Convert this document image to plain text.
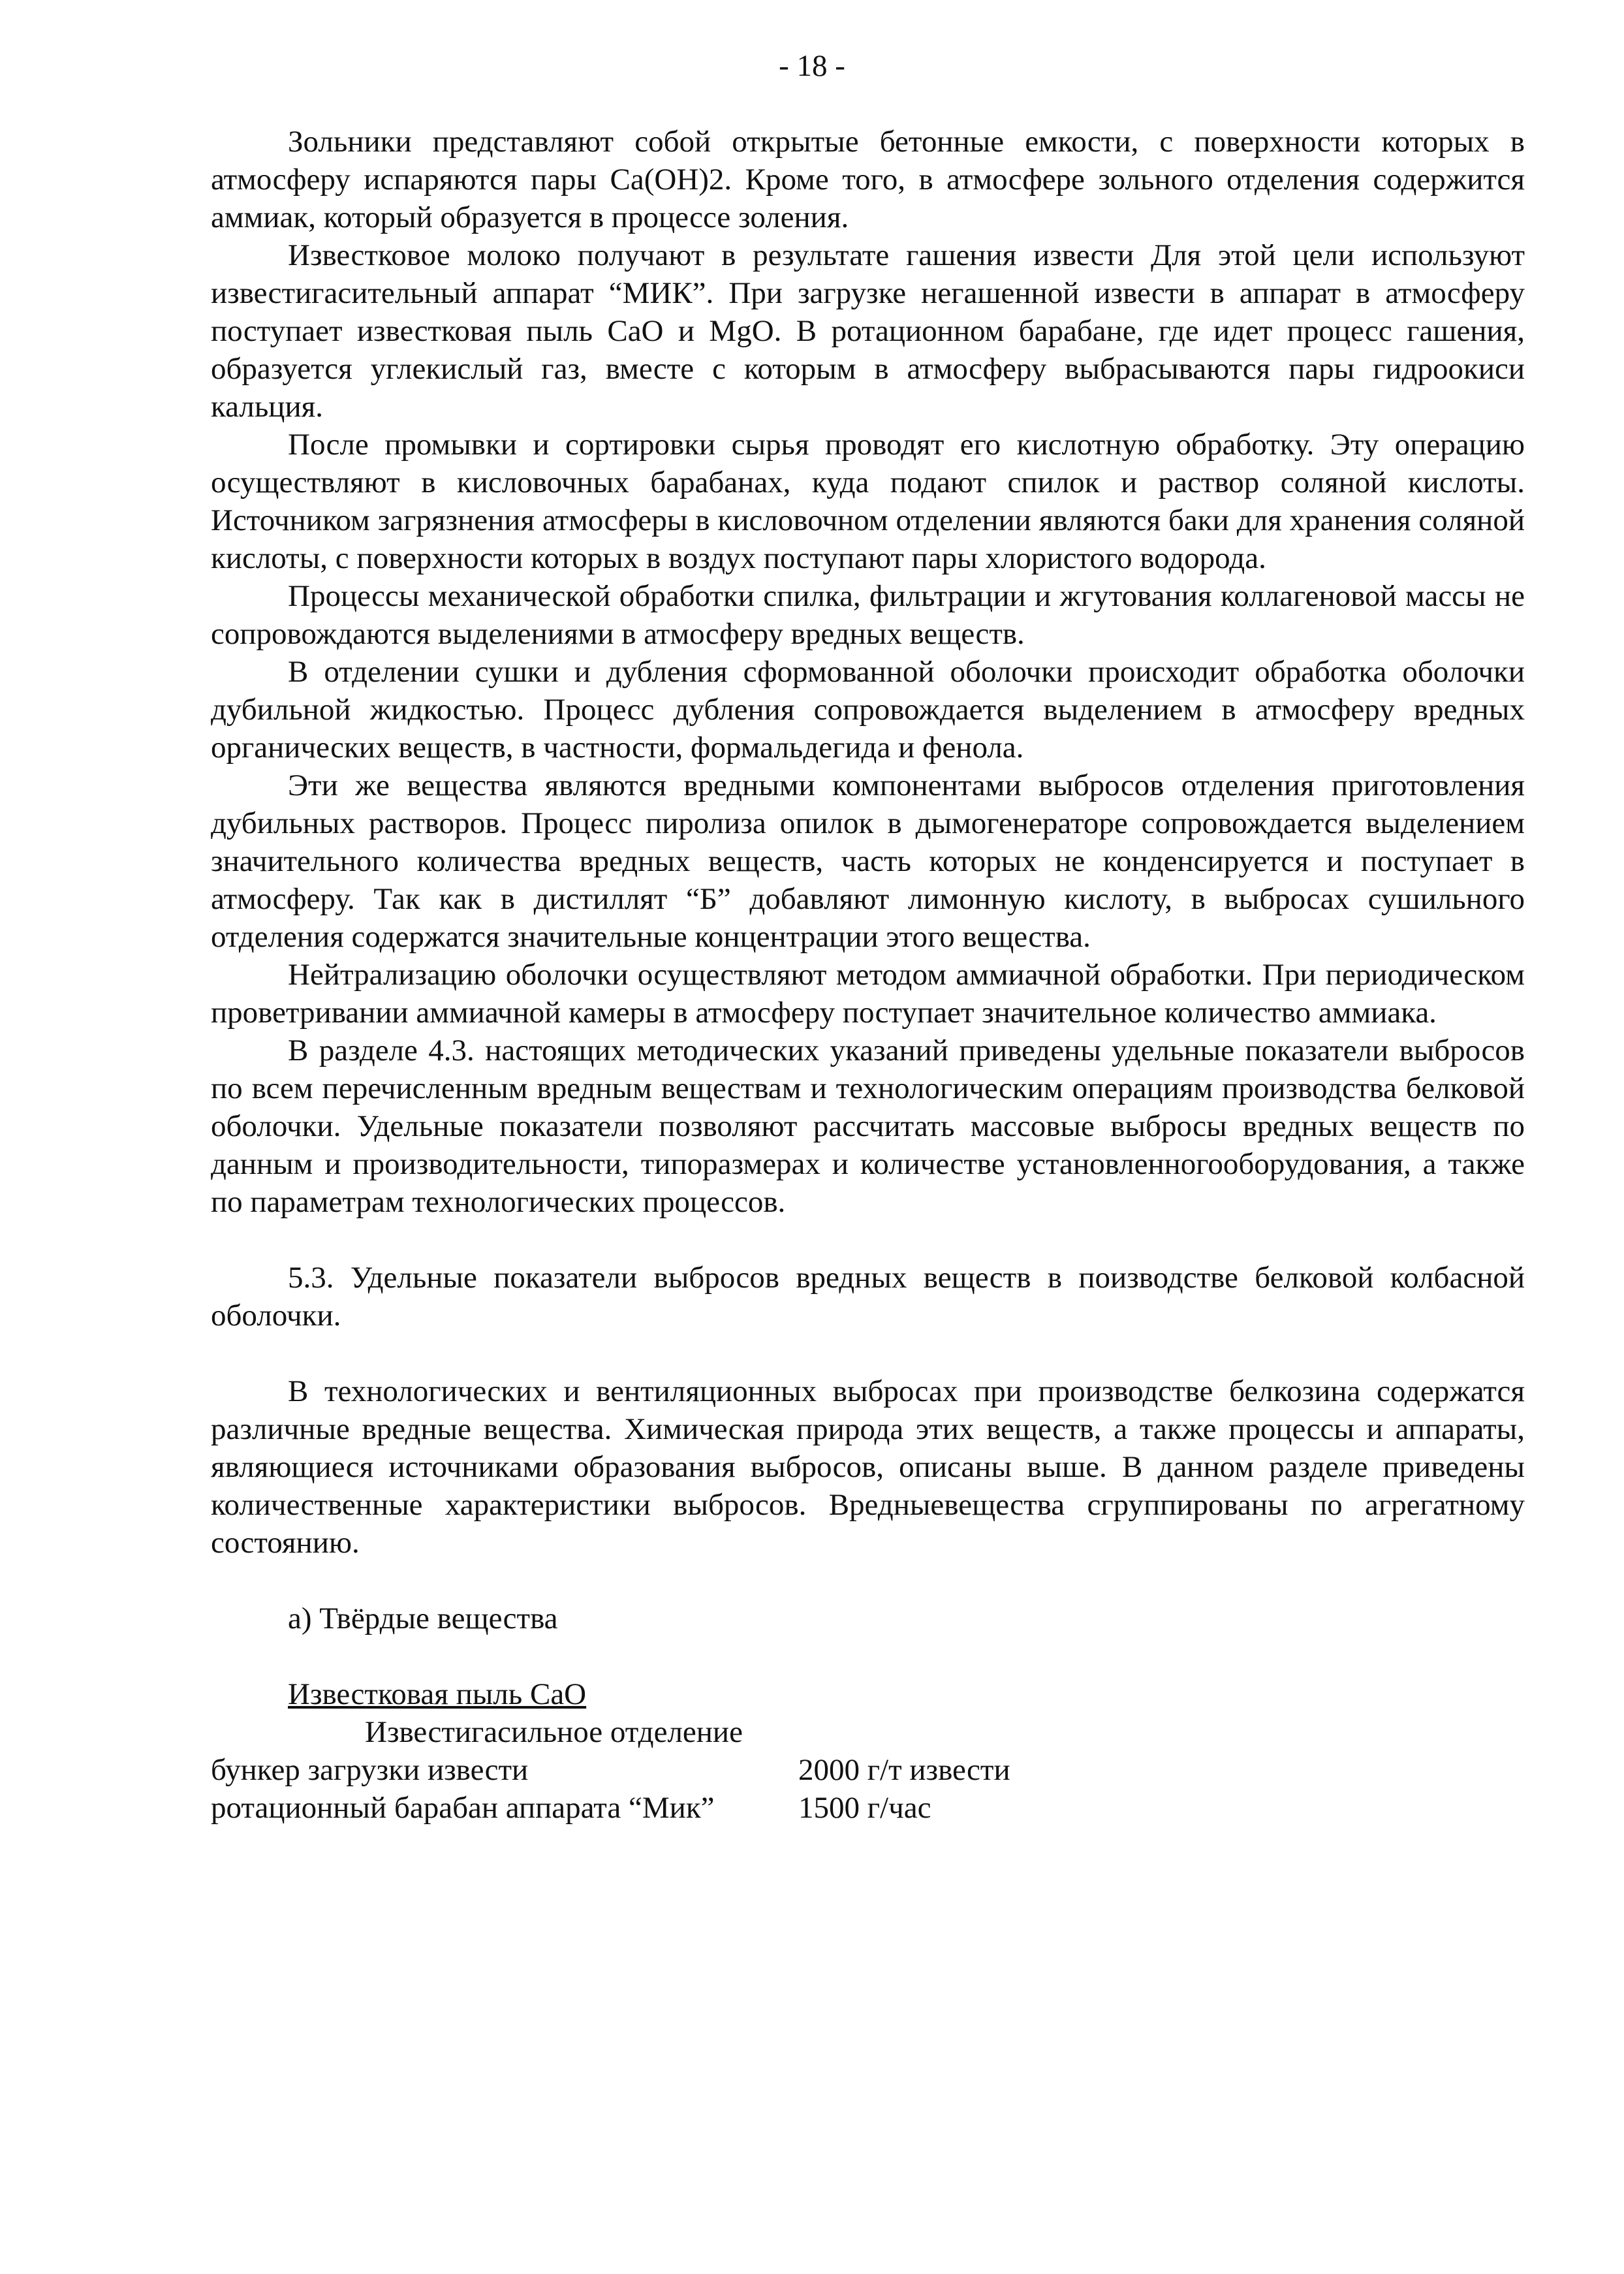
- 18 -

Зольники представляют собой открытые бетонные емкости, с поверхности которых в атмосферу испаряются пары Ca(OH)2. Кроме того, в атмосфере зольного отделения содержится аммиак, который образуется в процессе золения.

Известковое молоко получают в результате гашения извести Для этой цели используют известигасительный аппарат “МИК”. При загрузке негашенной извести в аппарат в атмосферу поступает известковая пыль CaO и MgO. В ротационном барабане, где идет процесс гашения, образуется углекислый газ, вместе с которым в атмосферу выбрасываются пары гидроокиси кальция.

После промывки и сортировки сырья проводят его кислотную обработку. Эту операцию осуществляют в кисловочных барабанах, куда подают спилок и раствор соляной кислоты. Источником загрязнения атмосферы в кисловочном отделении являются баки для хранения соляной кислоты, с поверхности которых в воздух поступают пары хлористого водорода.

Процессы механической обработки спилка, фильтрации и жгутования коллагеновой массы не сопровождаются выделениями в атмосферу вредных веществ.

В отделении сушки и дубления сформованной оболочки происходит обработка оболочки дубильной жидкостью. Процесс дубления сопровождается выделением в атмосферу вредных органических веществ, в частности, формальдегида и фенола.

Эти же вещества являются вредными компонентами выбросов отделения приготовления дубильных растворов. Процесс пиролиза опилок в дымогенераторе сопровождается выделением значительного количества вредных веществ, часть которых не конденсируется и поступает в атмосферу. Так как в дистиллят “Б” добавляют лимонную кислоту, в выбросах сушильного отделения содержатся значительные концентрации этого вещества.

Нейтрализацию оболочки осуществляют методом аммиачной обработки. При периодическом проветривании аммиачной камеры в атмосферу поступает значительное количество аммиака.

В разделе 4.3. настоящих методических указаний приведены удельные показатели выбросов по всем перечисленным вредным веществам и технологическим операциям производства белковой оболочки. Удельные показатели позволяют рассчитать массовые выбросы вредных веществ по данным и производительности, типоразмерах и количестве установленногооборудования, а также по параметрам технологических процессов.

5.3. Удельные показатели выбросов вредных веществ в поизводстве белковой колбасной оболочки.

В технологических и вентиляционных выбросах при производстве белкозина содержатся различные вредные вещества. Химическая природа этих веществ, а также процессы и аппараты, являющиеся источниками образования выбросов, описаны выше. В данном разделе приведены количественные характеристики выбросов. Вредныевещества сгруппированы по агрегатному состоянию.

а) Твёрдые вещества

Известковая пыль СаО
Известигасильное отделение
бункер загрузки извести	2000 г/т извести
ротационный барабан аппарата “Мик”	1500 г/час
